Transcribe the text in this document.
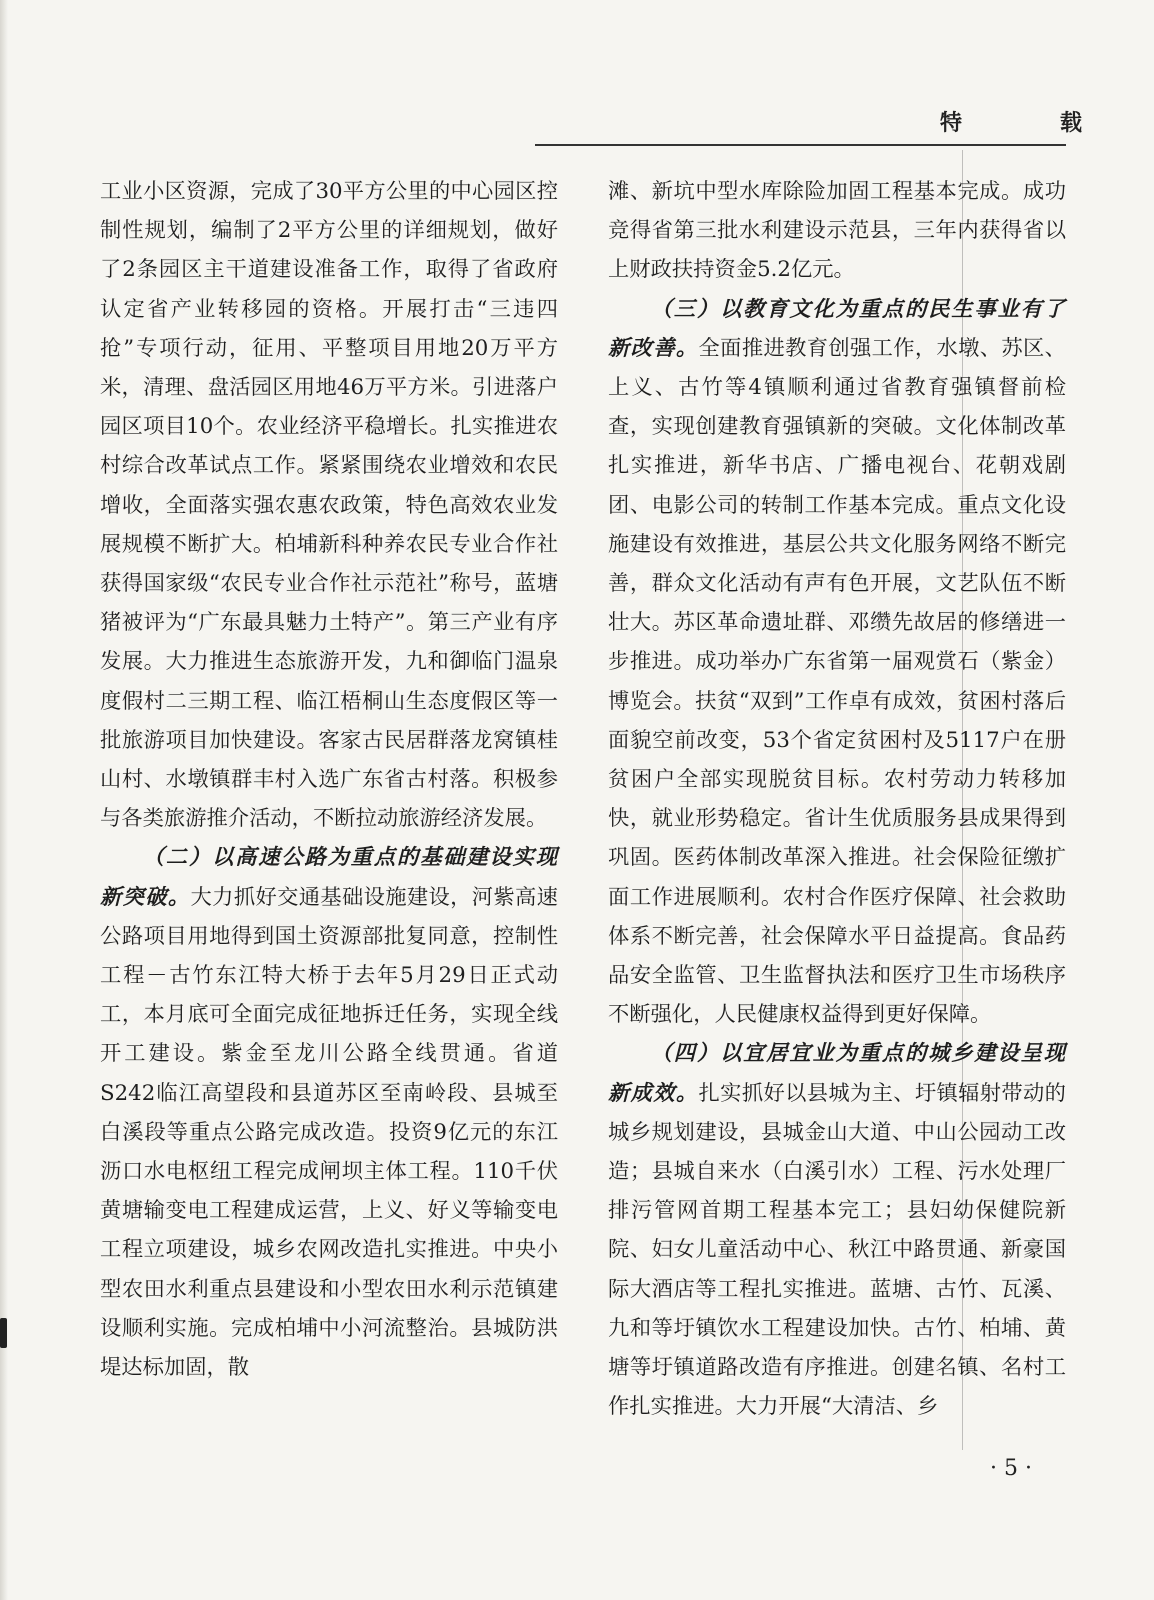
特　载

工业小区资源，完成了30平方公里的中心园区控制性规划，编制了2平方公里的详细规划，做好了2条园区主干道建设准备工作，取得了省政府认定省产业转移园的资格。开展打击“三违四抢”专项行动，征用、平整项目用地20万平方米，清理、盘活园区用地46万平方米。引进落户园区项目10个。农业经济平稳增长。扎实推进农村综合改革试点工作。紧紧围绕农业增效和农民增收，全面落实强农惠农政策，特色高效农业发展规模不断扩大。柏埔新科种养农民专业合作社获得国家级“农民专业合作社示范社”称号，蓝塘猪被评为“广东最具魅力土特产”。第三产业有序发展。大力推进生态旅游开发，九和御临门温泉度假村二三期工程、临江梧桐山生态度假区等一批旅游项目加快建设。客家古民居群落龙窝镇桂山村、水墩镇群丰村入选广东省古村落。积极参与各类旅游推介活动，不断拉动旅游经济发展。

（二）以高速公路为重点的基础建设实现新突破。大力抓好交通基础设施建设，河紫高速公路项目用地得到国土资源部批复同意，控制性工程－古竹东江特大桥于去年5月29日正式动工，本月底可全面完成征地拆迁任务，实现全线开工建设。紫金至龙川公路全线贯通。省道S242临江高望段和县道苏区至南岭段、县城至白溪段等重点公路完成改造。投资9亿元的东江沥口水电枢纽工程完成闸坝主体工程。110千伏黄塘输变电工程建成运营，上义、好义等输变电工程立项建设，城乡农网改造扎实推进。中央小型农田水利重点县建设和小型农田水利示范镇建设顺利实施。完成柏埔中小河流整治。县城防洪堤达标加固，散

滩、新坑中型水库除险加固工程基本完成。成功竞得省第三批水利建设示范县，三年内获得省以上财政扶持资金5.2亿元。

（三）以教育文化为重点的民生事业有了新改善。全面推进教育创强工作，水墩、苏区、上义、古竹等4镇顺利通过省教育强镇督前检查，实现创建教育强镇新的突破。文化体制改革扎实推进，新华书店、广播电视台、花朝戏剧团、电影公司的转制工作基本完成。重点文化设施建设有效推进，基层公共文化服务网络不断完善，群众文化活动有声有色开展，文艺队伍不断壮大。苏区革命遗址群、邓缵先故居的修缮进一步推进。成功举办广东省第一届观赏石（紫金）博览会。扶贫“双到”工作卓有成效，贫困村落后面貌空前改变，53个省定贫困村及5117户在册贫困户全部实现脱贫目标。农村劳动力转移加快，就业形势稳定。省计生优质服务县成果得到巩固。医药体制改革深入推进。社会保险征缴扩面工作进展顺利。农村合作医疗保障、社会救助体系不断完善，社会保障水平日益提高。食品药品安全监管、卫生监督执法和医疗卫生市场秩序不断强化，人民健康权益得到更好保障。

（四）以宜居宜业为重点的城乡建设呈现新成效。扎实抓好以县城为主、圩镇辐射带动的城乡规划建设，县城金山大道、中山公园动工改造；县城自来水（白溪引水）工程、污水处理厂排污管网首期工程基本完工；县妇幼保健院新院、妇女儿童活动中心、秋江中路贯通、新豪国际大酒店等工程扎实推进。蓝塘、古竹、瓦溪、九和等圩镇饮水工程建设加快。古竹、柏埔、黄塘等圩镇道路改造有序推进。创建名镇、名村工作扎实推进。大力开展“大清洁、乡

· 5 ·
